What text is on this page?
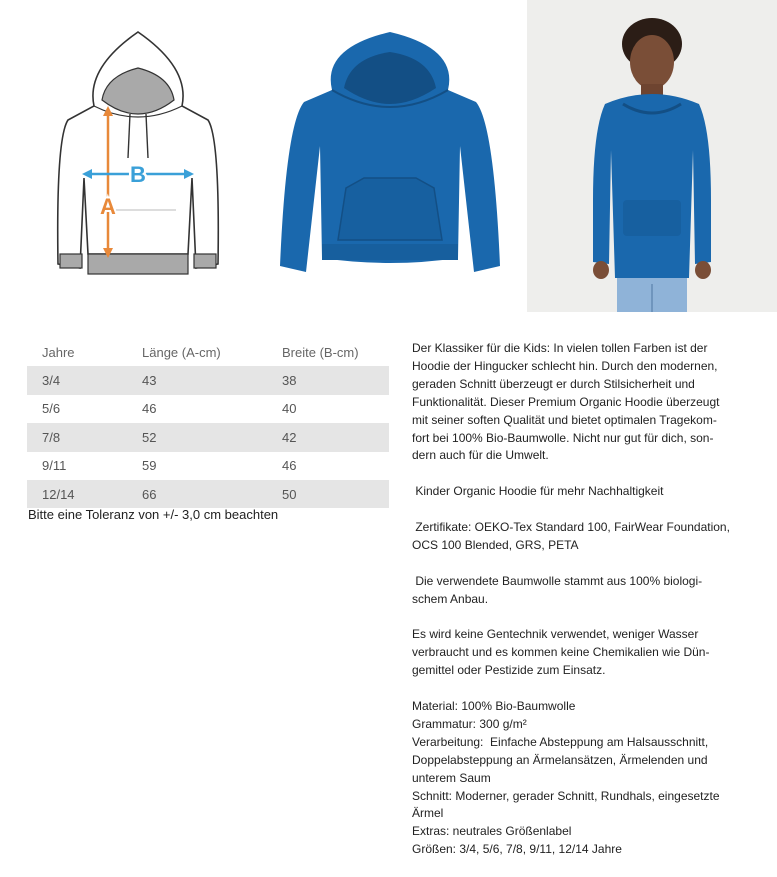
A
B
Jahre	Länge (A-cm)	Breite (B-cm)
3/4	43	38
5/6	46	40
7/8	52	42
9/11	59	46
12/14	66	50
Bitte eine Toleranz von +/- 3,0 cm beachten

Der Klassiker für die Kids: In vielen tollen Farben ist der
Hoodie der Hingucker schlecht hin. Durch den modernen,
geraden Schnitt überzeugt er durch Stilsicherheit und
Funktionalität. Dieser Premium Organic Hoodie überzeugt
mit seiner soften Qualität und bietet optimalen Tragekom-
fort bei 100% Bio-Baumwolle. Nicht nur gut für dich, son-
dern auch für die Umwelt.

Kinder Organic Hoodie für mehr Nachhaltigkeit

Zertifikate: OEKO-Tex Standard 100, FairWear Foundation,
OCS 100 Blended, GRS, PETA

Die verwendete Baumwolle stammt aus 100% biologi-
schem Anbau.

Es wird keine Gentechnik verwendet, weniger Wasser
verbraucht und es kommen keine Chemikalien wie Dün-
gemittel oder Pestizide zum Einsatz.

Material: 100% Bio-Baumwolle
Grammatur: 300 g/m²
Verarbeitung:  Einfache Absteppung am Halsausschnitt,
Doppelabsteppung an Ärmelansätzen, Ärmelenden und
unterem Saum
Schnitt: Moderner, gerader Schnitt, Rundhals, eingesetzte
Ärmel
Extras: neutrales Größenlabel
Größen: 3/4, 5/6, 7/8, 9/11, 12/14 Jahre
